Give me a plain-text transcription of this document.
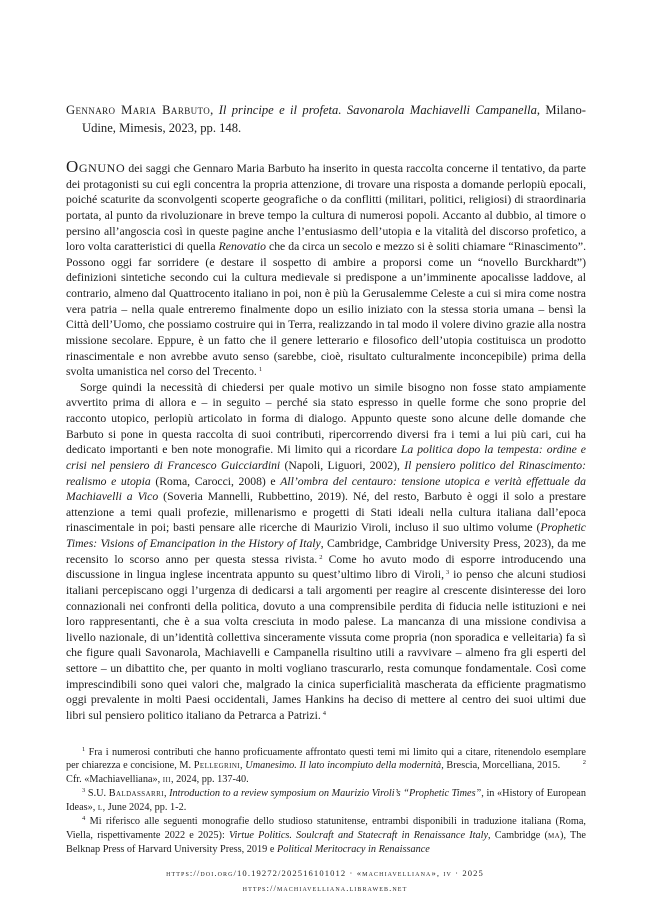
Gennaro Maria Barbuto, Il principe e il profeta. Savonarola Machiavelli Campanella, Milano-Udine, Mimesis, 2023, pp. 148.

Ognuno dei saggi che Gennaro Maria Barbuto ha inserito in questa raccolta concerne il tentativo, da parte dei protagonisti su cui egli concentra la propria attenzione, di trovare una risposta a domande perlopiù epocali, poiché scaturite da sconvolgenti scoperte geografiche o da conflitti (militari, politici, religiosi) di straordinaria portata, al punto da rivoluzionare in breve tempo la cultura di numerosi popoli. Accanto al dubbio, al timore o persino all’angoscia così in queste pagine anche l’entusiasmo dell’utopia e la vitalità del discorso profetico, a loro volta caratteristici di quella Renovatio che da circa un secolo e mezzo si è soliti chiamare “Rinascimento”. Possono oggi far sorridere (e destare il sospetto di ambire a proporsi come un “novello Burckhardt”) definizioni sintetiche secondo cui la cultura medievale si predispone a un’imminente apocalisse laddove, al contrario, almeno dal Quattrocento italiano in poi, non è più la Gerusalemme Celeste a cui si mira come nostra vera patria – nella quale entreremo finalmente dopo un esilio iniziato con la stessa storia umana – bensì la Città dell’Uomo, che possiamo costruire qui in Terra, realizzando in tal modo il volere divino grazie alla nostra missione secolare. Eppure, è un fatto che il genere letterario e filosofico dell’utopia costituisca un prodotto rinascimentale e non avrebbe avuto senso (sarebbe, cioè, risultato culturalmente inconcepibile) prima della svolta umanistica nel corso del Trecento. $^1$

Sorge quindi la necessità di chiedersi per quale motivo un simile bisogno non fosse stato ampiamente avvertito prima di allora e – in seguito – perché sia stato espresso in quelle forme che sono proprie del racconto utopico, perlopiù articolato in forma di dialogo. Appunto queste sono alcune delle domande che Barbuto si pone in questa raccolta di suoi contributi, ripercorrendo diversi fra i temi a lui più cari, cui ha dedicato importanti e ben note monografie. Mi limito qui a ricordare La politica dopo la tempesta: ordine e crisi nel pensiero di Francesco Guicciardini (Napoli, Liguori, 2002), Il pensiero politico del Rinascimento: realismo e utopia (Roma, Carocci, 2008) e All’ombra del centauro: tensione utopica e verità effettuale da Machiavelli a Vico (Soveria Mannelli, Rubbettino, 2019). Né, del resto, Barbuto è oggi il solo a prestare attenzione a temi quali profezie, millenarismo e progetti di Stati ideali nella cultura italiana dall’epoca rinascimentale in poi; basti pensare alle ricerche di Maurizio Viroli, incluso il suo ultimo volume (Prophetic Times: Visions of Emancipation in the History of Italy, Cambridge, Cambridge University Press, 2023), da me recensito lo scorso anno per questa stessa rivista. $^2$ Come ho avuto modo di esporre introducendo una discussione in lingua inglese incentrata appunto su quest’ultimo libro di Viroli, $^3$ io penso che alcuni studiosi italiani percepiscano oggi l’urgenza di dedicarsi a tali argomenti per reagire al crescente disinteresse dei loro connazionali nei confronti della politica, dovuto a una comprensibile perdita di fiducia nelle istituzioni e nei loro rappresentanti, che è a sua volta cresciuta in modo palese. La mancanza di una missione condivisa a livello nazionale, di un’identità collettiva sinceramente vissuta come propria (non sporadica e velleitaria) fa sì che figure quali Savonarola, Machiavelli e Campanella risultino utili a ravvivare – almeno fra gli esperti del settore – un dibattito che, per quanto in molti vogliano trascurarlo, resta comunque fondamentale. Così come imprescindibili sono quei valori che, malgrado la cinica superficialità mascherata da efficiente pragmatismo oggi prevalente in molti Paesi occidentali, James Hankins ha deciso di mettere al centro dei suoi ultimi due libri sul pensiero politico italiano da Petrarca a Patrizi. $^4$

$^1$ Fra i numerosi contributi che hanno proficuamente affrontato questi temi mi limito qui a citare, ritenendolo esemplare per chiarezza e concisione, M. Pellegrini, Umanesimo. Il lato incompiuto della modernità, Brescia, Morcelliana, 2015.    	$^2$ Cfr. «Machiavelliana», iii, 2024, pp. 137-40.

$^3$ S.U. Baldassarri, Introduction to a review symposium on Maurizio Viroli’s “Prophetic Times”, in «History of European Ideas», l, June 2024, pp. 1-2.

$^4$ Mi riferisco alle seguenti monografie dello studioso statunitense, entrambi disponibili in traduzione italiana (Roma, Viella, rispettivamente 2022 e 2025): Virtue Politics. Soulcraft and Statecraft in Renaissance Italy, Cambridge (ma), The Belknap Press of Harvard University Press, 2019 e Political Meritocracy in Renaissance

https://doi.org/10.19272/202516101012 · «machiavelliana», iv · 2025
https://machiavelliana.libraweb.net
